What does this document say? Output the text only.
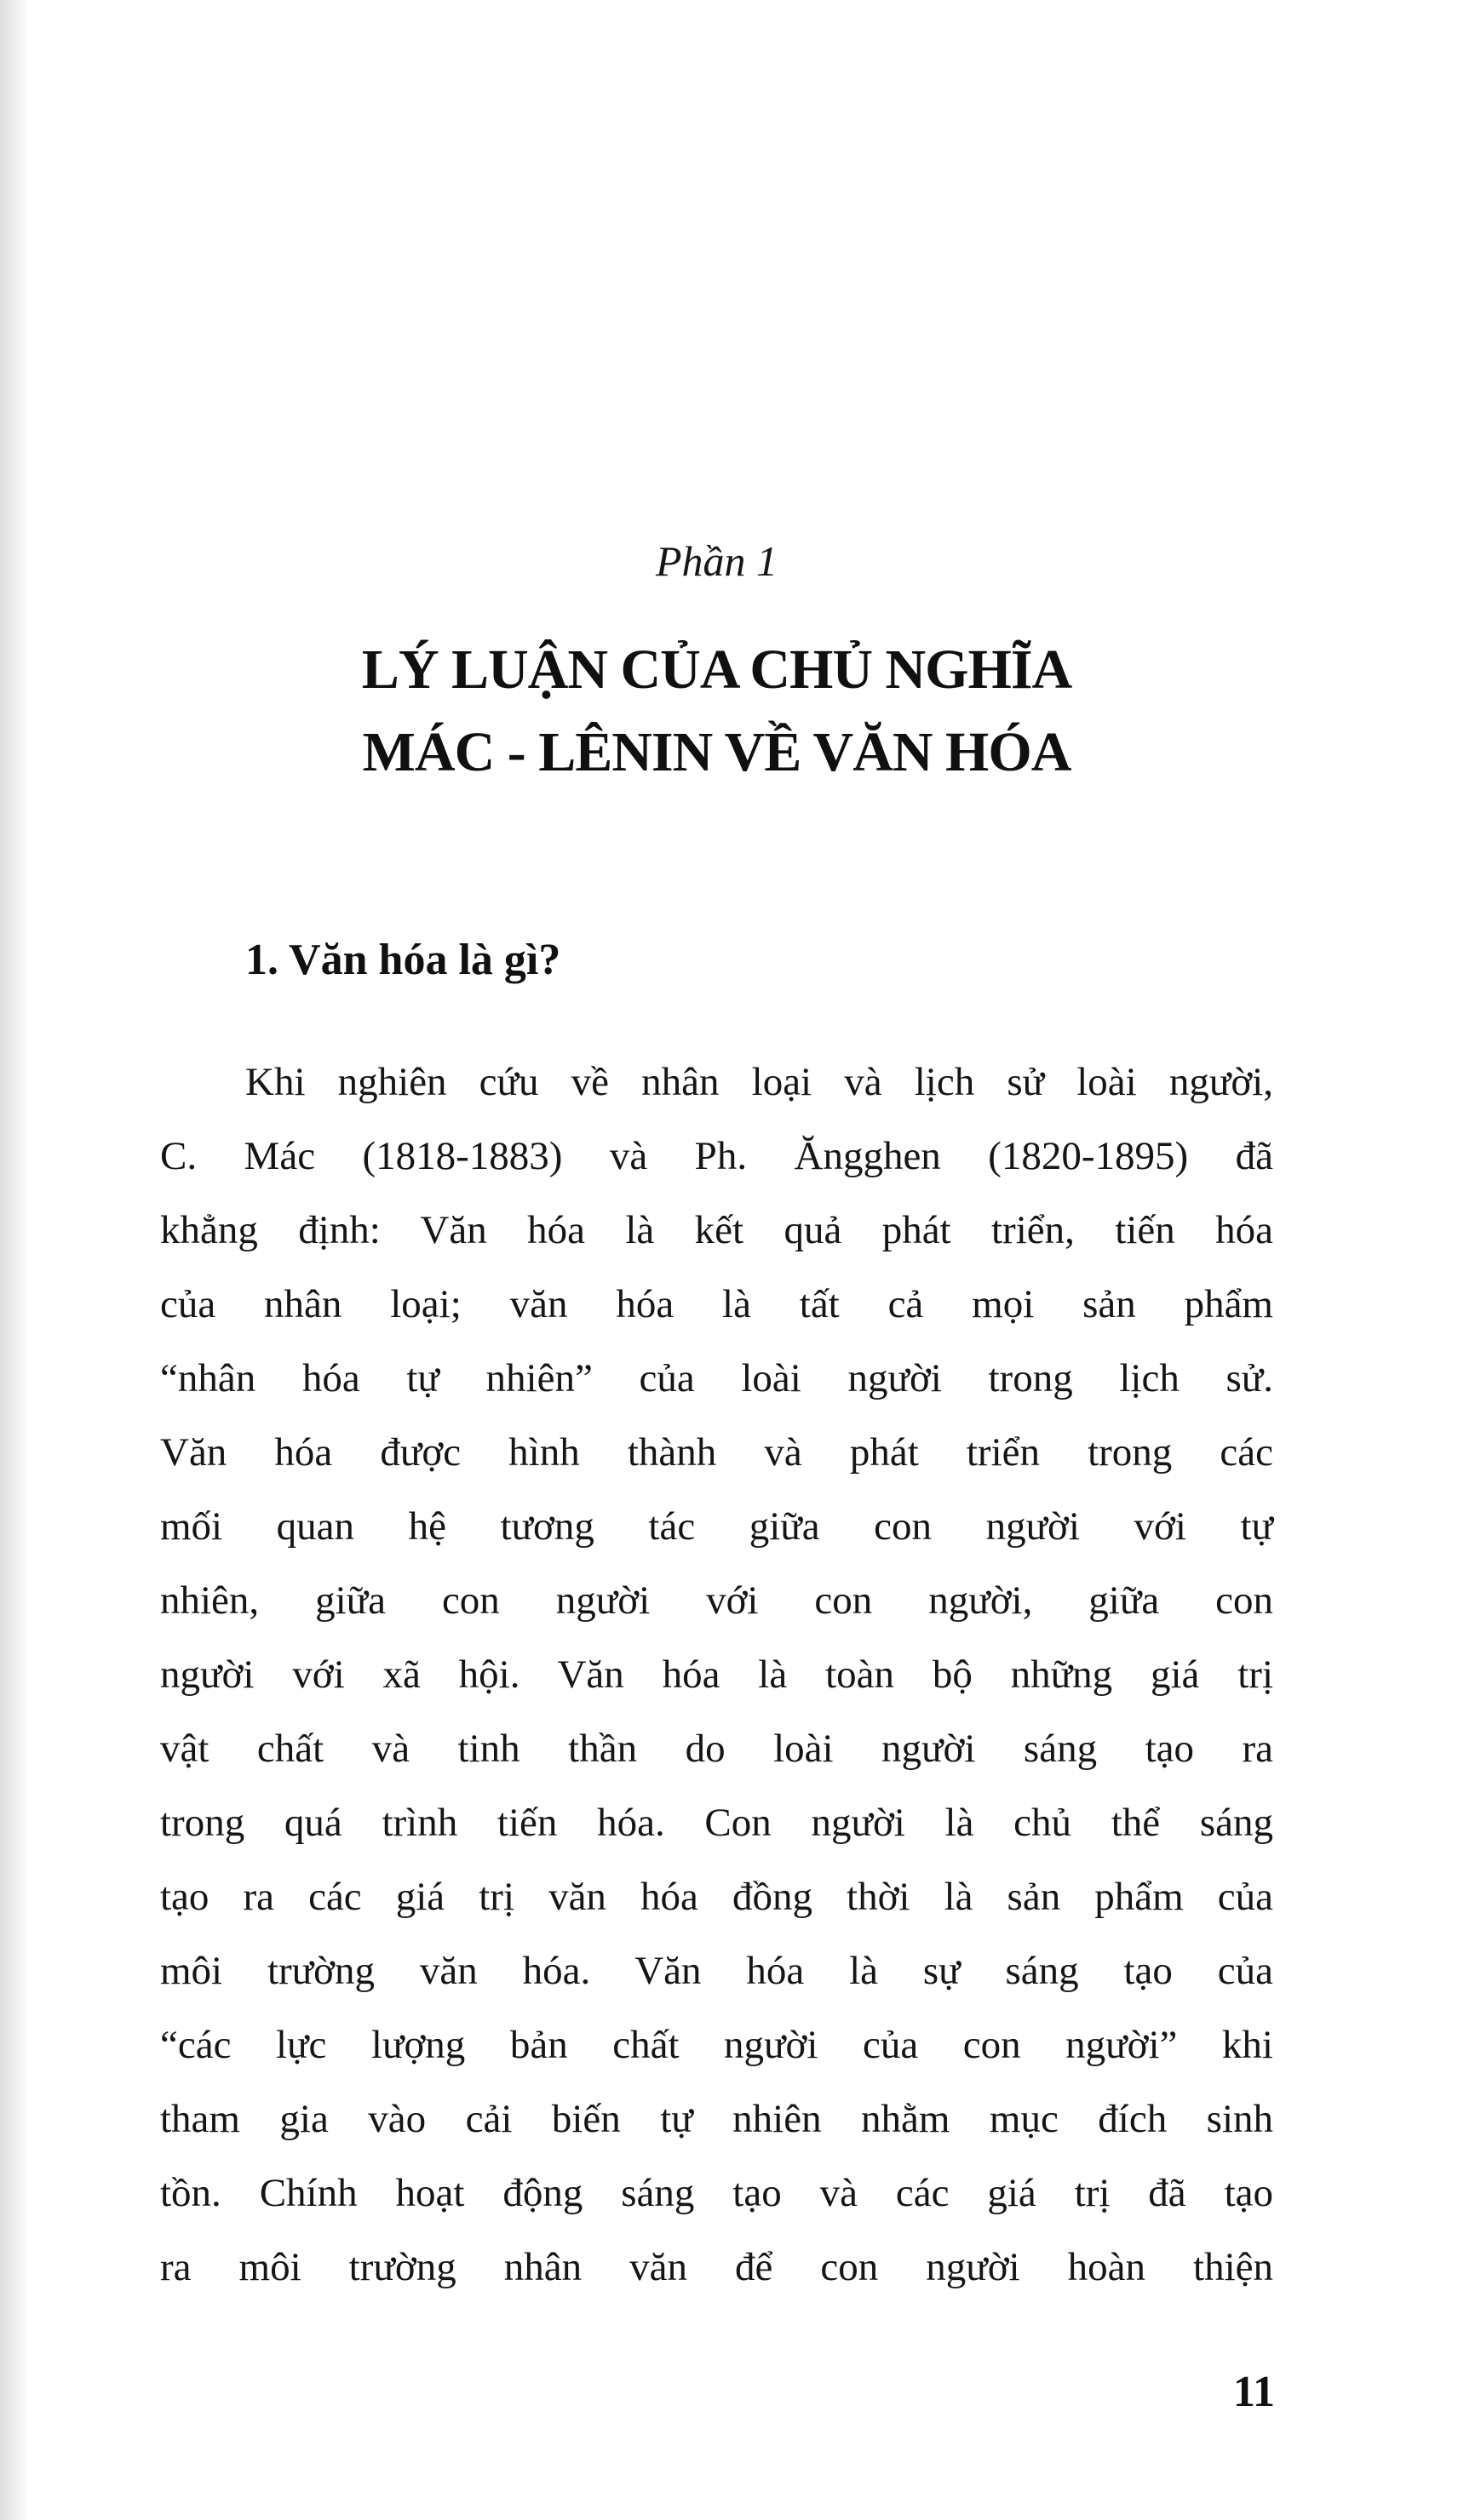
Phần 1
LÝ LUẬN CỦA CHỦ NGHĨA
MÁC - LÊNIN VỀ VĂN HÓA
1. Văn hóa là gì?
Khi nghiên cứu về nhân loại và lịch sử loài người,
C. Mác (1818-1883) và Ph. Ăngghen (1820-1895) đã
khẳng định: Văn hóa là kết quả phát triển, tiến hóa
của nhân loại; văn hóa là tất cả mọi sản phẩm
“nhân hóa tự nhiên” của loài người trong lịch sử.
Văn hóa được hình thành và phát triển trong các
mối quan hệ tương tác giữa con người với tự
nhiên, giữa con người với con người, giữa con
người với xã hội. Văn hóa là toàn bộ những giá trị
vật chất và tinh thần do loài người sáng tạo ra
trong quá trình tiến hóa. Con người là chủ thể sáng
tạo ra các giá trị văn hóa đồng thời là sản phẩm của
môi trường văn hóa. Văn hóa là sự sáng tạo của
“các lực lượng bản chất người của con người” khi
tham gia vào cải biến tự nhiên nhằm mục đích sinh
tồn. Chính hoạt động sáng tạo và các giá trị đã tạo
ra môi trường nhân văn để con người hoàn thiện
11
